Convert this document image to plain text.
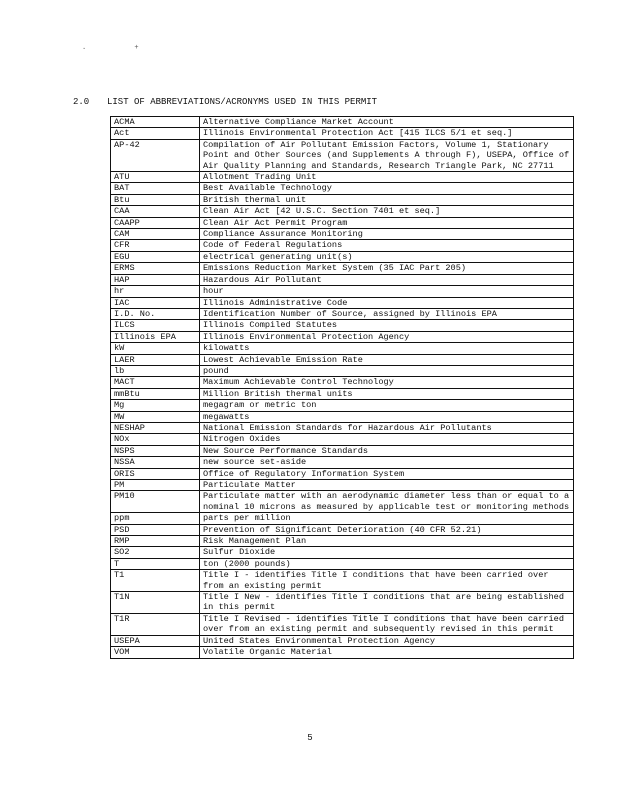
. +
2.0 LIST OF ABBREVIATIONS/ACRONYMS USED IN THIS PERMIT
ACMA	Alternative Compliance Market Account
Act	Illinois Environmental Protection Act [415 ILCS 5/1 et seq.]
AP-42	Compilation of Air Pollutant Emission Factors, Volume 1, Stationary Point and Other Sources (and Supplements A through F), USEPA, Office of Air Quality Planning and Standards, Research Triangle Park, NC 27711
ATU	Allotment Trading Unit
BAT	Best Available Technology
Btu	British thermal unit
CAA	Clean Air Act [42 U.S.C. Section 7401 et seq.]
CAAPP	Clean Air Act Permit Program
CAM	Compliance Assurance Monitoring
CFR	Code of Federal Regulations
EGU	electrical generating unit(s)
ERMS	Emissions Reduction Market System (35 IAC Part 205)
HAP	Hazardous Air Pollutant
hr	hour
IAC	Illinois Administrative Code
I.D. No.	Identification Number of Source, assigned by Illinois EPA
ILCS	Illinois Compiled Statutes
Illinois EPA	Illinois Environmental Protection Agency
kW	kilowatts
LAER	Lowest Achievable Emission Rate
lb	pound
MACT	Maximum Achievable Control Technology
mmBtu	Million British thermal units
Mg	megagram or metric ton
MW	megawatts
NESHAP	National Emission Standards for Hazardous Air Pollutants
NOx	Nitrogen Oxides
NSPS	New Source Performance Standards
NSSA	new source set-aside
ORIS	Office of Regulatory Information System
PM	Particulate Matter
PM10	Particulate matter with an aerodynamic diameter less than or equal to a nominal 10 microns as measured by applicable test or monitoring methods
ppm	parts per million
PSD	Prevention of Significant Deterioration (40 CFR 52.21)
RMP	Risk Management Plan
SO2	Sulfur Dioxide
T	ton (2000 pounds)
T1	Title I - identifies Title I conditions that have been carried over from an existing permit
T1N	Title I New - identifies Title I conditions that are being established in this permit
T1R	Title I Revised - identifies Title I conditions that have been carried over from an existing permit and subsequently revised in this permit
USEPA	United States Environmental Protection Agency
VOM	Volatile Organic Material
5
